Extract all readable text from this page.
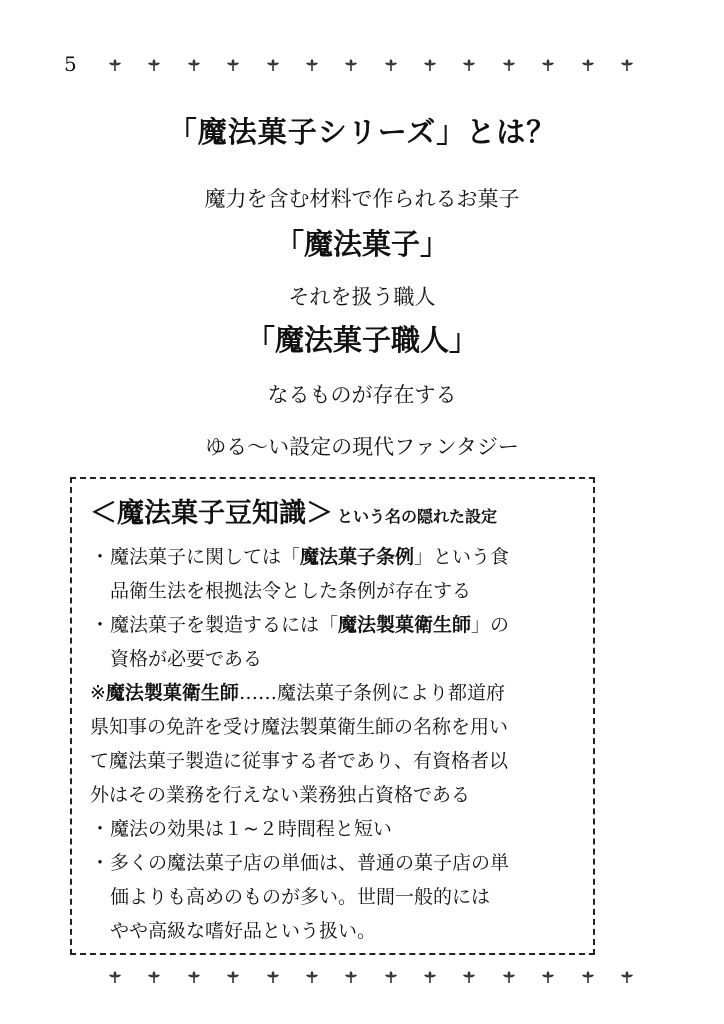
5
「魔法菓子シリーズ」とは？

魔力を含む材料で作られるお菓子

「魔法菓子」

それを扱う職人

「魔法菓子職人」

なるものが存在する

ゆる〜い設定の現代ファンタジー

＜魔法菓子豆知識＞ という名の隠れた設定

・ 魔法菓子に関しては「魔法菓子条例」という食
品衛生法を根拠法令とした条例が存在する
・ 魔法菓子を製造するには「魔法製菓衛生師」の
資格が必要である
※魔法製菓衛生師……魔法菓子条例により都道府
県知事の免許を受け魔法製菓衛生師の名称を用い
て魔法菓子製造に従事する者であり、有資格者以
外はその業務を行えない業務独占資格である
・ 魔法の効果は１~２時間程と短い
・ 多くの魔法菓子店の単価は、普通の菓子店の単
価よりも高めのものが多い。世間一般的には
やや高級な嗜好品という扱い。
